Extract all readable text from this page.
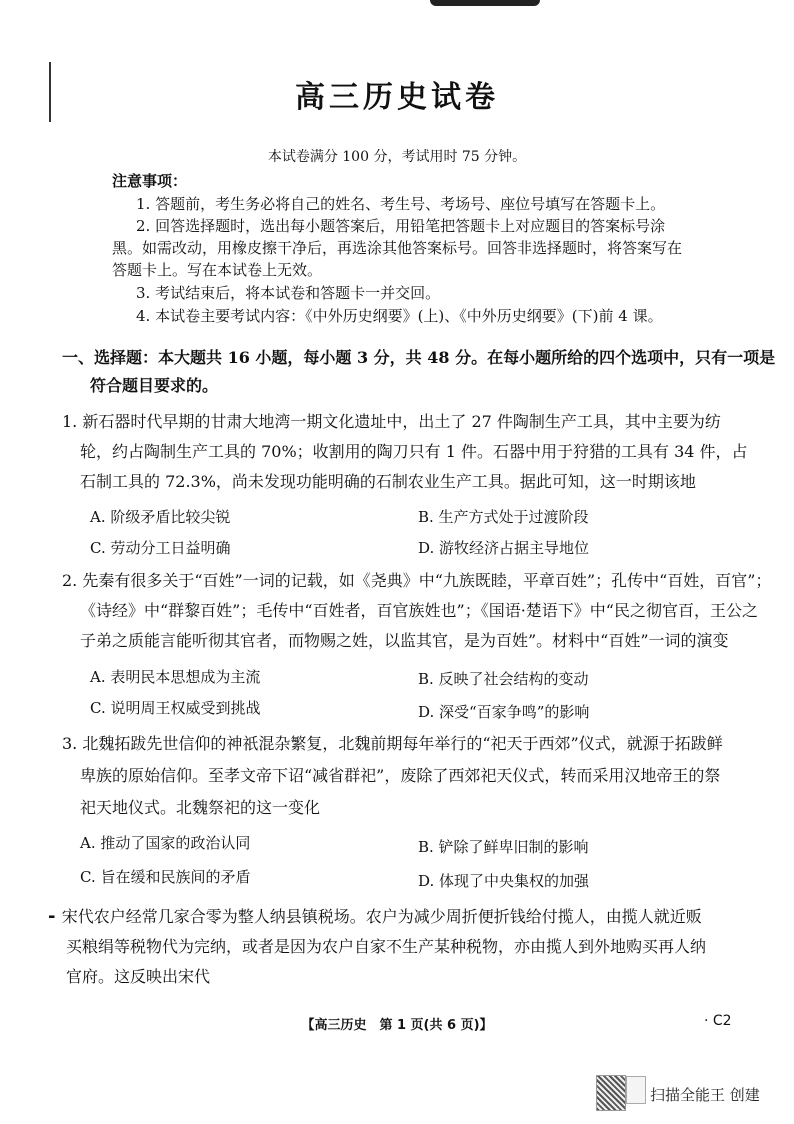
高三历史试卷
本试卷满分 100 分，考试用时 75 分钟。
注意事项：
1. 答题前，考生务必将自己的姓名、考生号、考场号、座位号填写在答题卡上。
2. 回答选择题时，选出每小题答案后，用铅笔把答题卡上对应题目的答案标号涂
黑。如需改动，用橡皮擦干净后，再选涂其他答案标号。回答非选择题时，将答案写在
答题卡上。写在本试卷上无效。
3. 考试结束后，将本试卷和答题卡一并交回。
4. 本试卷主要考试内容：《中外历史纲要》(上)、《中外历史纲要》(下)前 4 课。
一、选择题：本大题共 16 小题，每小题 3 分，共 48 分。在每小题所给的四个选项中，只有一项是
符合题目要求的。
1. 新石器时代早期的甘肃大地湾一期文化遗址中，出土了 27 件陶制生产工具，其中主要为纺
轮，约占陶制生产工具的 70%；收割用的陶刀只有 1 件。石器中用于狩猎的工具有 34 件，占
石制工具的 72.3%，尚未发现功能明确的石制农业生产工具。据此可知，这一时期该地
A. 阶级矛盾比较尖锐	B. 生产方式处于过渡阶段
C. 劳动分工日益明确	D. 游牧经济占据主导地位
2. 先秦有很多关于“百姓”一词的记载，如《尧典》中“九族既睦，平章百姓”；孔传中“百姓，百官”；
《诗经》中“群黎百姓”；毛传中“百姓者，百官族姓也”；《国语·楚语下》中“民之彻官百，王公之
子弟之质能言能听彻其官者，而物赐之姓，以监其官，是为百姓”。材料中“百姓”一词的演变
A. 表明民本思想成为主流	B. 反映了社会结构的变动
C. 说明周王权威受到挑战	D. 深受“百家争鸣”的影响
3. 北魏拓跋先世信仰的神祇混杂繁复，北魏前期每年举行的“祀天于西郊”仪式，就源于拓跋鲜
卑族的原始信仰。至孝文帝下诏“减省群祀”，废除了西郊祀天仪式，转而采用汉地帝王的祭
祀天地仪式。北魏祭祀的这一变化
A. 推动了国家的政治认同	B. 铲除了鲜卑旧制的影响
C. 旨在缓和民族间的矛盾	D. 体现了中央集权的加强
- 宋代农户经常几家合零为整人纳县镇税场。农户为减少周折便折钱给付揽人，由揽人就近贩
买粮绢等税物代为完纳，或者是因为农户自家不生产某种税物，亦由揽人到外地购买再人纳
官府。这反映出宋代
【高三历史　第 1 页(共 6 页)】	· C2
扫描全能王 创建
